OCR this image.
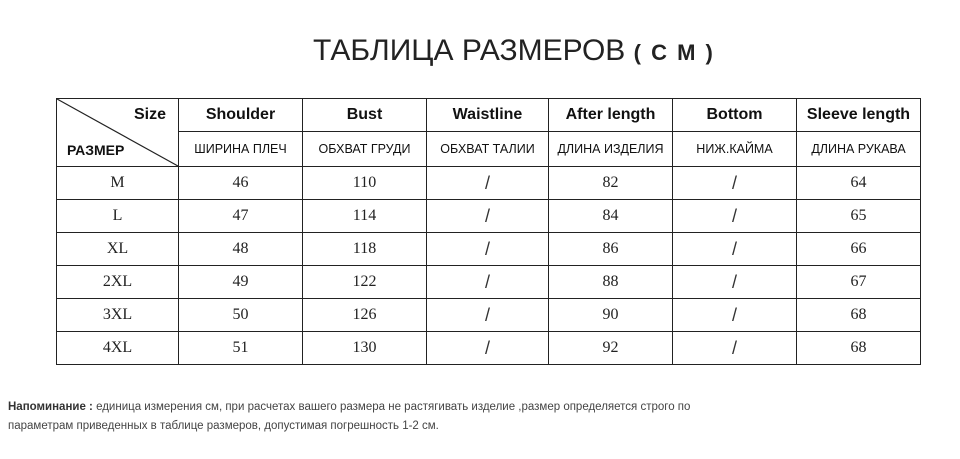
ТАБЛИЦА РАЗМЕРОВ ( C M )
Size
РАЗМЕР	Shoulder	Bust	Waistline	After length	Bottom	Sleeve length
	ШИРИНА ПЛЕЧ	ОБХВАТ ГРУДИ	ОБХВАТ ТАЛИИ	ДЛИНА ИЗДЕЛИЯ	НИЖ.КАЙМА	ДЛИНА РУКАВА
M	46	110	/	82	/	64
L	47	114	/	84	/	65
XL	48	118	/	86	/	66
2XL	49	122	/	88	/	67
3XL	50	126	/	90	/	68
4XL	51	130	/	92	/	68
Напоминание : единица измерения см, при расчетах вашего размера не растягивать изделие ,размер определяется строго по
параметрам приведенных в таблице размеров, допустимая погрешность 1-2 см.
